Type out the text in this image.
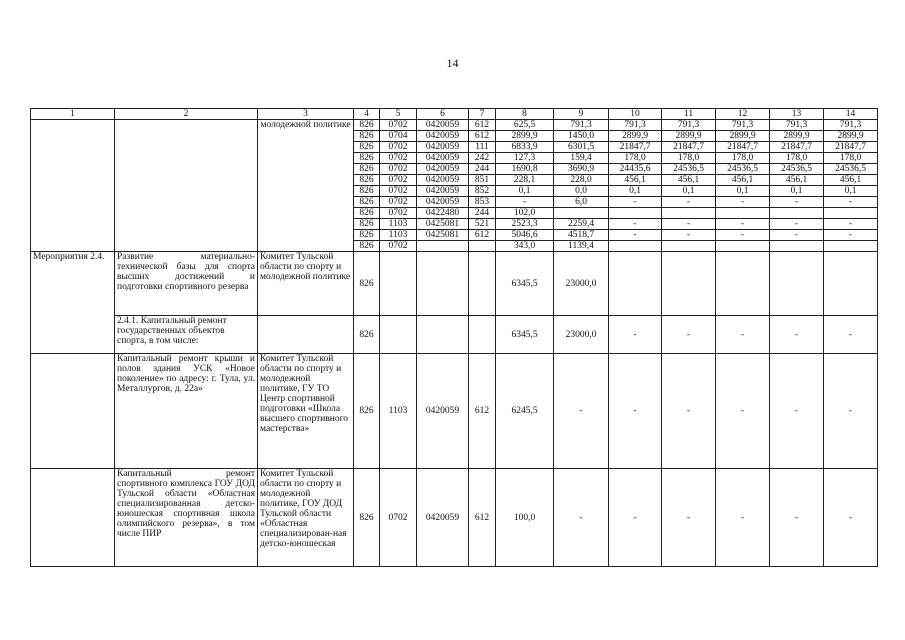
14
1	2	3	4	5	6	7	8	9	10	11	12	13	14
		молодежной политике	826	0702	0420059	612	625,5	791,3	791,3	791,3	791,3	791,3	791,3
			826	0704	0420059	612	2899,9	1450,0	2899,9	2899,9	2899,9	2899,9	2899,9
			826	0702	0420059	111	6833,9	6301,5	21847,7	21847,7	21847,7	21847,7	21847,7
			826	0702	0420059	242	127,3	159,4	178,0	178,0	178,0	178,0	178,0
			826	0702	0420059	244	1690,8	3690,9	24435,6	24536,5	24536,5	24536,5	24536,5
			826	0702	0420059	851	228,1	228,0	456,1	456,1	456,1	456,1	456,1
			826	0702	0420059	852	0,1	0,0	0,1	0,1	0,1	0,1	0,1
			826	0702	0420059	853	-	6,0	-	-	-	-	-
			826	0702	0422480	244	102,0						
			826	1103	0425081	521	2523,3	2259,4	-	-	-	-	-
			826	1103	0425081	612	5046,6	4518,7	-	-	-	-	-
			826	0702			343,0	1139,4					
Мероприятия 2.4.	Развитие материально-технической базы для спорта высших достижений и подготовки спортивного резерва	Комитет Тульской области по спорту и молодежной политике	826				6345,5	23000,0					
	2.4.1. Капитальный ремонт государственных объектов спорта, в том числе:		826				6345,5	23000,0	-	-	-	-	-
	Капитальный ремонт крыши и полов здания УСК «Новое поколение» по адресу: г. Тула, ул. Металлургов, д. 22а»	Комитет Тульской области по спорту и молодежной политике, ГУ ТО Центр спортивной подготовки «Школа высшего спортивного мастерства»	826	1103	0420059	612	6245,5	-	-	-	-	-	-
	Капитальный ремонт спортивного комплекса ГОУ ДОД Тульской области «Областная специализированная детско-юношеская спортивная школа олимпийского резерва», в том числе ПИР	Комитет Тульской области по спорту и молодежной политике, ГОУ ДОД Тульской области «Областная специализирован-ная детско-юношеская	826	0702	0420059	612	100,0	-	-	-	-	-	-
